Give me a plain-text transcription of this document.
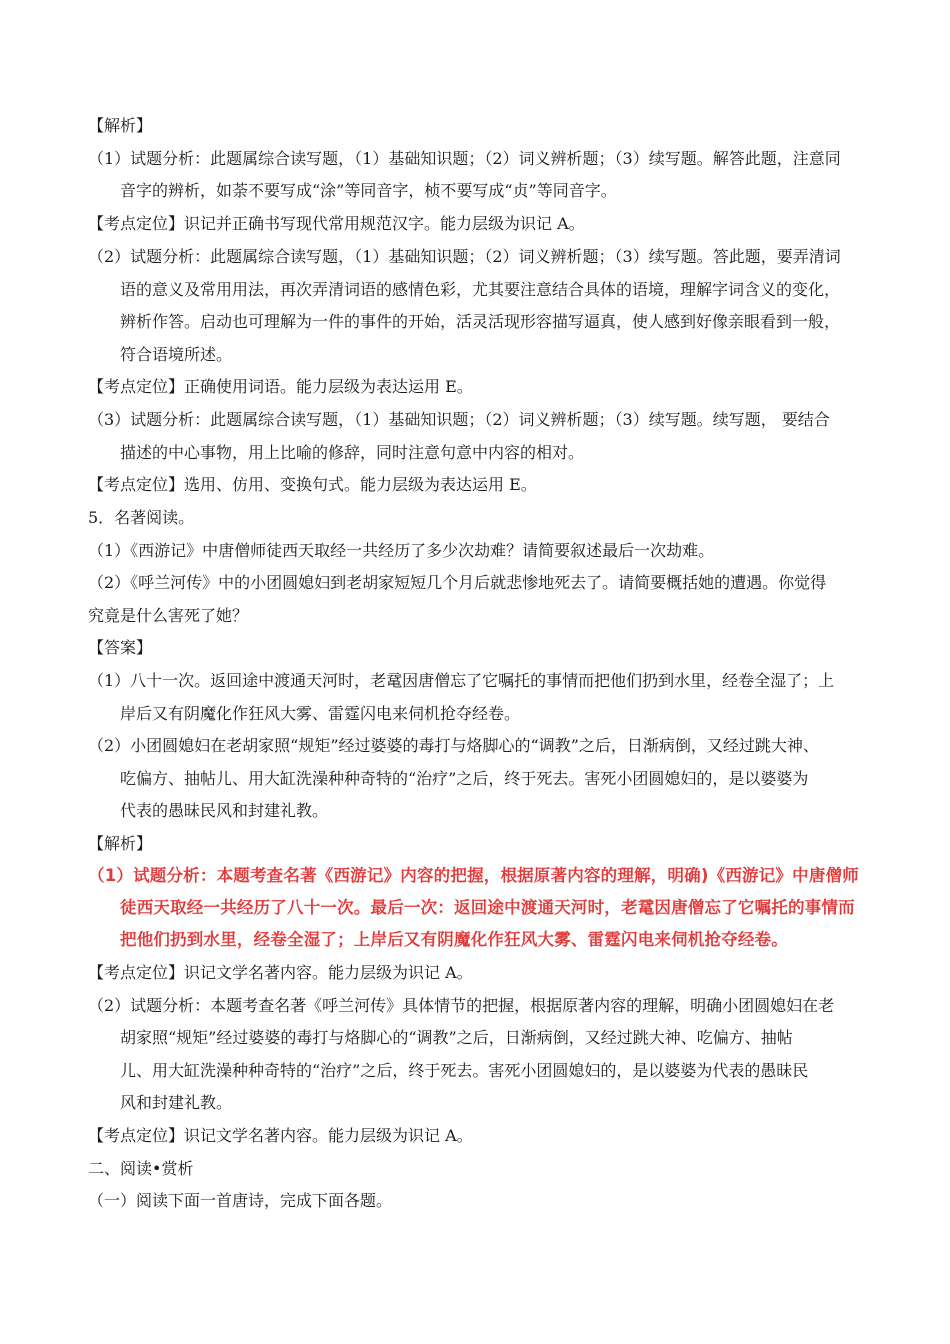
【解析】
（1）试题分析：此题属综合读写题，（1）基础知识题；（2）词义辨析题；（3）续写题。解答此题，注意同
音字的辨析，如荼不要写成“涂”等同音字，桢不要写成“贞”等同音字。
【考点定位】识记并正确书写现代常用规范汉字。能力层级为识记 A。
（2）试题分析：此题属综合读写题，（1）基础知识题；（2）词义辨析题；（3）续写题。答此题，要弄清词
语的意义及常用用法，再次弄清词语的感情色彩，尤其要注意结合具体的语境，理解字词含义的变化，
辨析作答。启动也可理解为一件的事件的开始，活灵活现形容描写逼真，使人感到好像亲眼看到一般，
符合语境所述。
【考点定位】正确使用词语。能力层级为表达运用 E。
（3）试题分析：此题属综合读写题，（1）基础知识题；（2）词义辨析题；（3）续写题。续写题， 要结合
描述的中心事物，用上比喻的修辞，同时注意句意中内容的相对。
【考点定位】选用、仿用、变换句式。能力层级为表达运用 E。
5．名著阅读。
（1）《西游记》中唐僧师徒西天取经一共经历了多少次劫难？请简要叙述最后一次劫难。
（2）《呼兰河传》中的小团圆媳妇到老胡家短短几个月后就悲惨地死去了。请简要概括她的遭遇。你觉得
究竟是什么害死了她？
【答案】
（1）八十一次。返回途中渡通天河时，老鼋因唐僧忘了它嘱托的事情而把他们扔到水里，经卷全湿了；上
岸后又有阴魔化作狂风大雾、雷霆闪电来伺机抢夺经卷。
（2）小团圆媳妇在老胡家照“规矩”经过婆婆的毒打与烙脚心的“调教”之后，日渐病倒，又经过跳大神、
吃偏方、抽帖儿、用大缸洗澡种种奇特的“治疗”之后，终于死去。害死小团圆媳妇的，是以婆婆为
代表的愚昧民风和封建礼教。
【解析】
（1）试题分析：本题考查名著《西游记》内容的把握，根据原著内容的理解，明确)《西游记》中唐僧师
徒西天取经一共经历了八十一次。最后一次：返回途中渡通天河时，老鼋因唐僧忘了它嘱托的事情而
把他们扔到水里，经卷全湿了；上岸后又有阴魔化作狂风大雾、雷霆闪电来伺机抢夺经卷。
【考点定位】识记文学名著内容。能力层级为识记 A。
（2）试题分析：本题考查名著《呼兰河传》具体情节的把握，根据原著内容的理解，明确小团圆媳妇在老
胡家照“规矩”经过婆婆的毒打与烙脚心的“调教”之后，日渐病倒，又经过跳大神、吃偏方、抽帖
儿、用大缸洗澡种种奇特的“治疗”之后，终于死去。害死小团圆媳妇的，是以婆婆为代表的愚昧民
风和封建礼教。
【考点定位】识记文学名著内容。能力层级为识记 A。
二、阅读•赏析
（一）阅读下面一首唐诗，完成下面各题。
